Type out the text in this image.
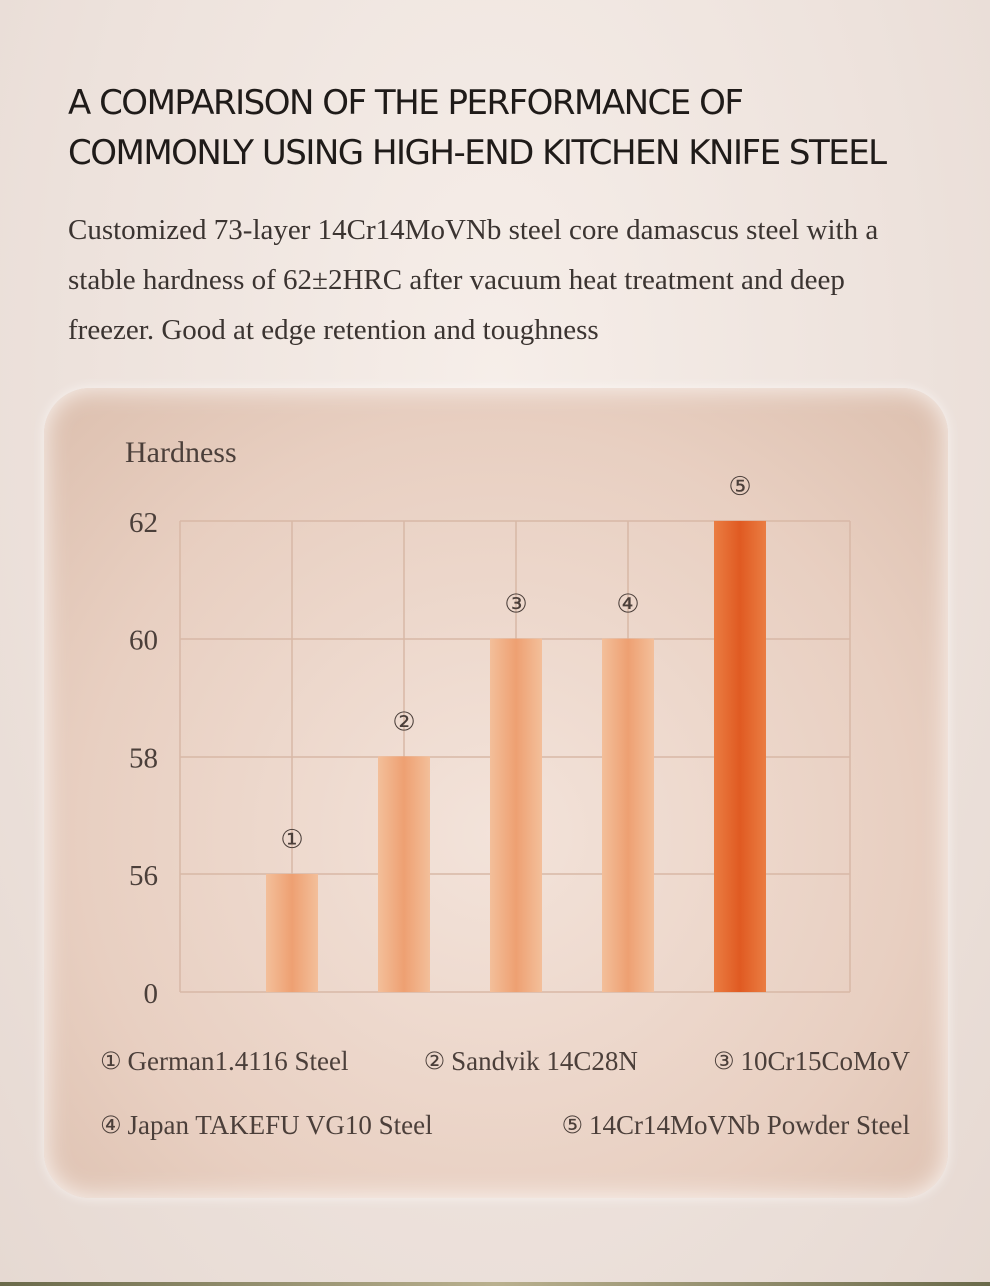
A COMPARISON OF THE PERFORMANCE OF
COMMONLY USING HIGH-END KITCHEN KNIFE STEEL

Customized 73-layer 14Cr14MoVNb steel core damascus steel with a stable hardness of 62±2HRC after vacuum heat treatment and deep freezer. Good at edge retention and toughness

Hardness
62
60
58
56
0
①
②
③	④
⑤
① German1.4116 Steel	② Sandvik 14C28N	③ 10Cr15CoMoV
④ Japan TAKEFU VG10 Steel	⑤ 14Cr14MoVNb Powder Steel
